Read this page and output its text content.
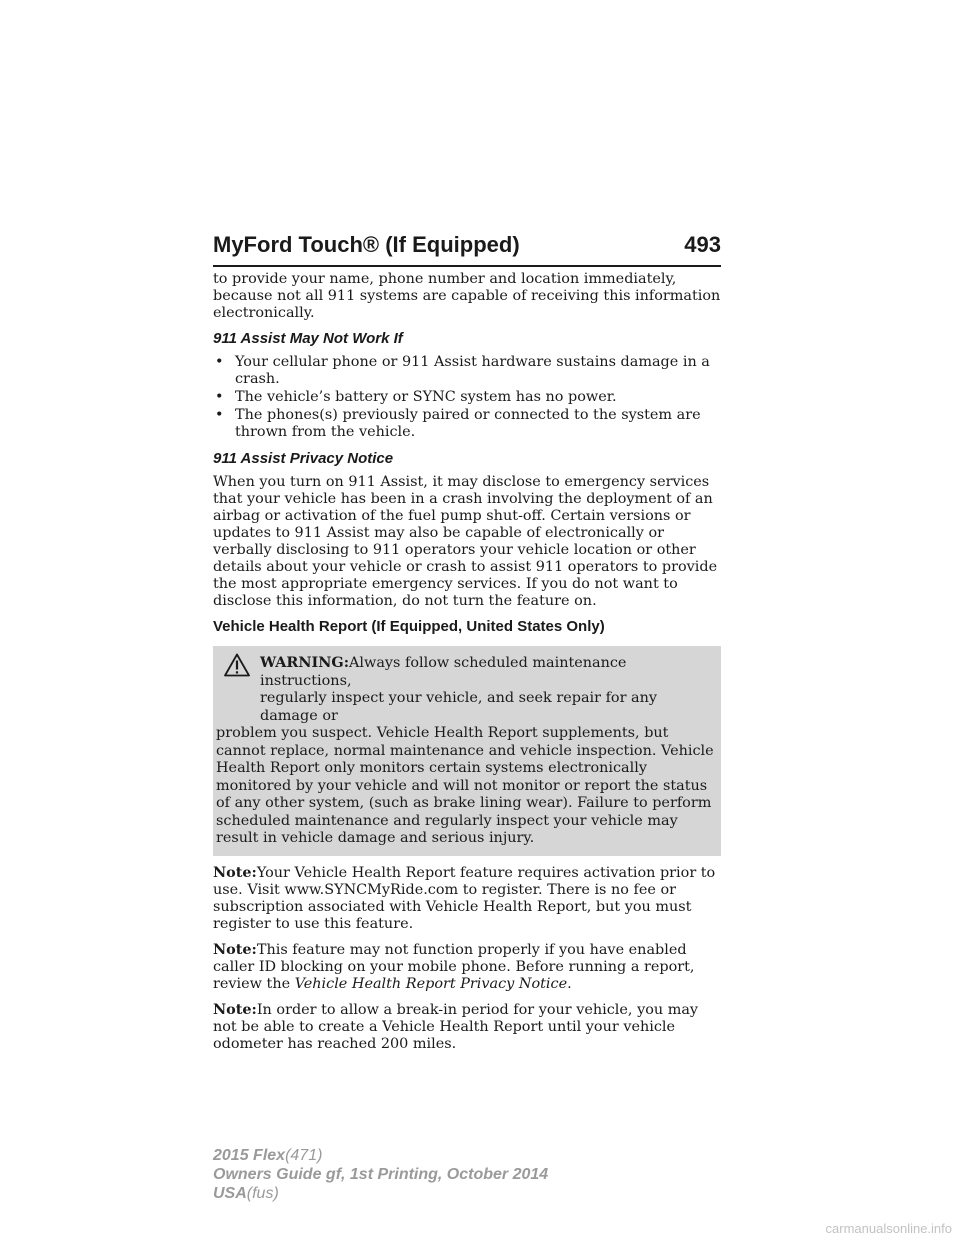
MyFord Touch® (If Equipped)	493

to provide your name, phone number and location immediately, because not all 911 systems are capable of receiving this information electronically.

911 Assist May Not Work If
• Your cellular phone or 911 Assist hardware sustains damage in a crash.
• The vehicle’s battery or SYNC system has no power.
• The phones(s) previously paired or connected to the system are thrown from the vehicle.
911 Assist Privacy Notice

When you turn on 911 Assist, it may disclose to emergency services that your vehicle has been in a crash involving the deployment of an airbag or activation of the fuel pump shut-off. Certain versions or updates to 911 Assist may also be capable of electronically or verbally disclosing to 911 operators your vehicle location or other details about your vehicle or crash to assist 911 operators to provide the most appropriate emergency services. If you do not want to disclose this information, do not turn the feature on.

Vehicle Health Report (If Equipped, United States Only)
WARNING:Always follow scheduled maintenance instructions,
regularly inspect your vehicle, and seek repair for any damage or
problem you suspect. Vehicle Health Report supplements, but cannot replace, normal maintenance and vehicle inspection. Vehicle Health Report only monitors certain systems electronically monitored by your vehicle and will not monitor or report the status of any other system, (such as brake lining wear). Failure to perform scheduled maintenance and regularly inspect your vehicle may result in vehicle damage and serious injury.

Note:Your Vehicle Health Report feature requires activation prior to use. Visit www.SYNCMyRide.com to register. There is no fee or subscription associated with Vehicle Health Report, but you must register to use this feature.

Note:This feature may not function properly if you have enabled caller ID blocking on your mobile phone. Before running a report, review the Vehicle Health Report Privacy Notice.

Note:In order to allow a break-in period for your vehicle, you may not be able to create a Vehicle Health Report until your vehicle odometer has reached 200 miles.

2015 Flex(471)
Owners Guide gf, 1st Printing, October 2014
USA(fus)
carmanualsonline.info
